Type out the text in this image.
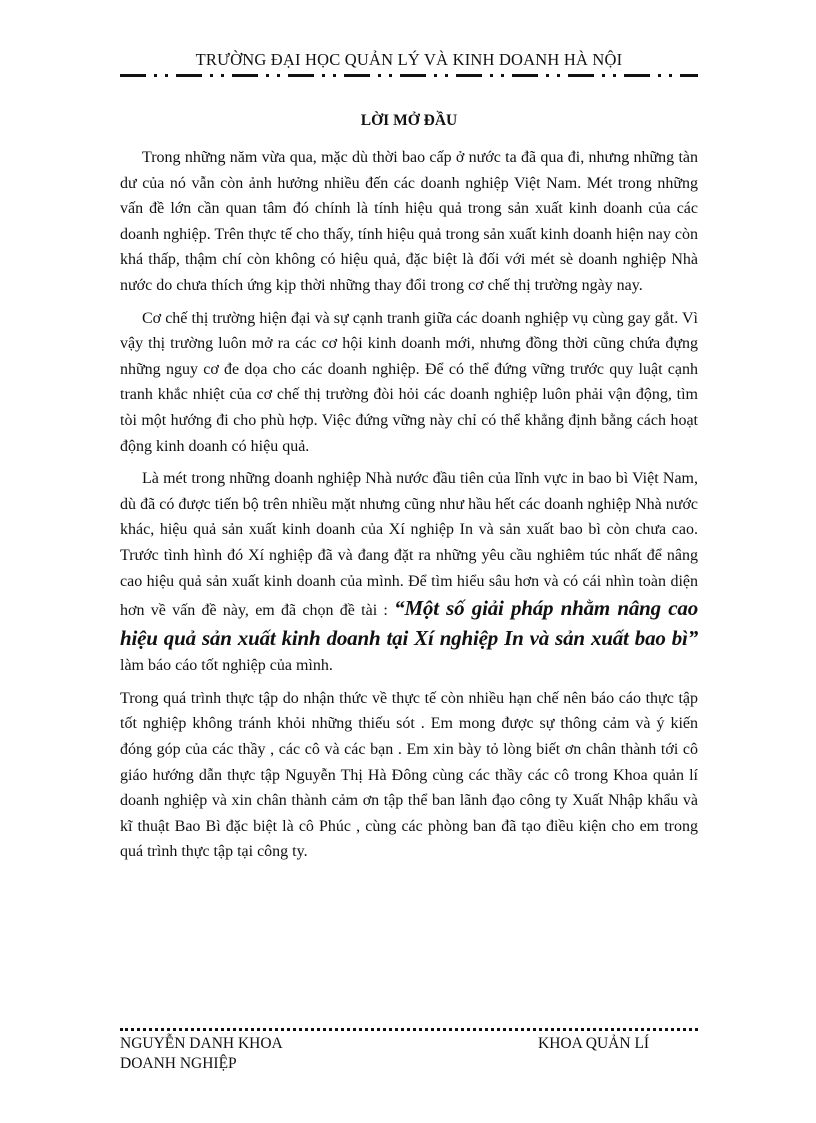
TRƯỜNG ĐẠI HỌC QUẢN LÝ VÀ KINH DOANH HÀ NỘI
LỜI MỞ ĐẦU

Trong những năm vừa qua, mặc dù thời bao cấp ở nước ta đã qua đi, nhưng những tàn dư của nó vẫn còn ảnh hưởng nhiều đến các doanh nghiệp Việt Nam. Mét trong những vấn đề lớn cần quan tâm đó chính là tính hiệu quả trong sản xuất kinh doanh của các doanh nghiệp. Trên thực tế cho thấy, tính hiệu quả trong sản xuất kinh doanh hiện nay còn khá thấp, thậm chí còn không có hiệu quả, đặc biệt là đối với mét sè doanh nghiệp Nhà nước do chưa thích ứng kịp thời những thay đổi trong cơ chế thị trường ngày nay.

Cơ chế thị trường hiện đại và sự cạnh tranh giữa các doanh nghiệp vụ cùng gay gắt. Vì vậy thị trường luôn mở ra các cơ hội kinh doanh mới, nhưng đồng thời cũng chứa đựng những nguy cơ đe dọa cho các doanh nghiệp. Để có thể đứng vững trước quy luật cạnh tranh khắc nhiệt của cơ chế thị trường đòi hỏi các doanh nghiệp luôn phải vận động, tìm tòi một hướng đi cho phù hợp. Việc đứng vững này chỉ có thể khẳng định bằng cách hoạt động kinh doanh có hiệu quả.

Là mét trong những doanh nghiệp Nhà nước đầu tiên của lĩnh vực in bao bì Việt Nam, dù đã có được tiến bộ trên nhiều mặt nhưng cũng như hầu hết các doanh nghiệp Nhà nước khác, hiệu quả sản xuất kinh doanh của Xí nghiệp In và sản xuất bao bì còn chưa cao. Trước tình hình đó Xí nghiệp đã và đang đặt ra những yêu cầu nghiêm túc nhất để nâng cao hiệu quả sản xuất kinh doanh của mình. Để tìm hiểu sâu hơn và có cái nhìn toàn diện hơn về vấn đề này, em đã chọn đề tài : “Một số giải pháp nhằm nâng cao hiệu quả sản xuất kinh doanh tại Xí nghiệp In và sản xuất bao bì” làm báo cáo tốt nghiệp của mình.

Trong quá trình thực tập do nhận thức về thực tế còn nhiều hạn chế nên báo cáo thực tập tốt nghiệp không tránh khỏi những thiếu sót . Em mong được sự thông cảm và ý kiến đóng góp của các thầy , các cô và các bạn . Em xin bày tỏ lòng biết ơn chân thành tới cô giáo hướng dẫn thực tập Nguyễn Thị Hà Đông cùng các thầy các cô trong Khoa quản lí doanh nghiệp và xin chân thành cảm ơn tập thể ban lãnh đạo công ty Xuất Nhập khẩu và kĩ thuật Bao Bì đặc biệt là cô Phúc , cùng các phòng ban đã tạo điều kiện cho em trong quá trình thực tập tại công ty.

NGUYỄN DANH KHOA	KHOA QUẢN LÍ
DOANH NGHIỆP
